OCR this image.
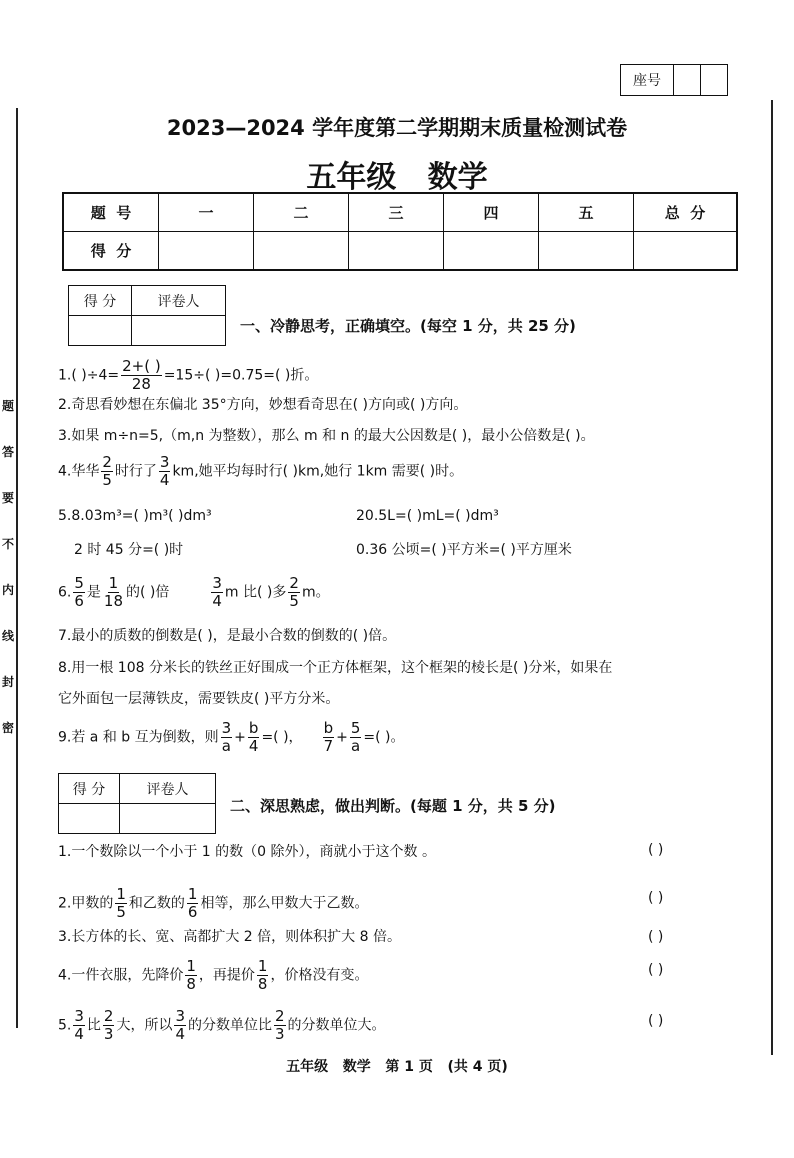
座号
题
答
要
不
内
线
封
密
2023—2024 学年度第二学期期末质量检测试卷
五年级   数学
题  号	一	二	三	四	五	总  分
得  分						
得 分	评卷人

一、冷静思考，正确填空。(每空 1 分，共 25 分)
1.( )$\div 4= \frac{2+( )}{28} =15\div$( )=0.75=( )折。
2.奇思看妙想在东偏北 35°方向，妙想看奇思在( )方向或( )方向。
3.如果 m÷n=5,（m,n 为整数），那么 m 和 n 的最大公因数是( )，最小公倍数是( )。
4.华华 $\frac{2}{5}$ 时行了 $\frac{3}{4}$ km,她平均每时行( )km,她行 1km 需要( )时。
5.8.03m³=( )m³( )dm³	20.5L=( )mL=( )dm³
2 时 45 分=( )时	0.36 公顷=( )平方米=( )平方厘米
6. $\frac{5}{6}$ 是 $\frac{1}{18}$ 的( )倍	$\frac{3}{4}$ m 比( )多 $\frac{2}{5}$ m。
7.最小的质数的倒数是( )，是最小合数的倒数的( )倍。
8.用一根 108 分米长的铁丝正好围成一个正方体框架，这个框架的棱长是( )分米，如果在
它外面包一层薄铁皮，需要铁皮( )平方分米。
9.若 a 和 b 互为倒数，则 $\frac{3}{a} + \frac{b}{4}$ =( )， $\frac{b}{7} + \frac{5}{a}$ =( )。
得 分	评卷人

二、深思熟虑，做出判断。(每题 1 分，共 5 分)
1.一个数除以一个小于 1 的数（0 除外），商就小于这个数 。	( )
2.甲数的 $\frac{1}{5}$ 和乙数的 $\frac{1}{6}$ 相等，那么甲数大于乙数。	( )
3.长方体的长、宽、高都扩大 2 倍，则体积扩大 8 倍。	( )
4.一件衣服，先降价 $\frac{1}{8}$ ，再提价 $\frac{1}{8}$ ，价格没有变。	( )
5. $\frac{3}{4}$ 比 $\frac{2}{3}$ 大，所以 $\frac{3}{4}$ 的分数单位比 $\frac{2}{3}$ 的分数单位大。	( )
五年级   数学   第 1 页   (共 4 页)
